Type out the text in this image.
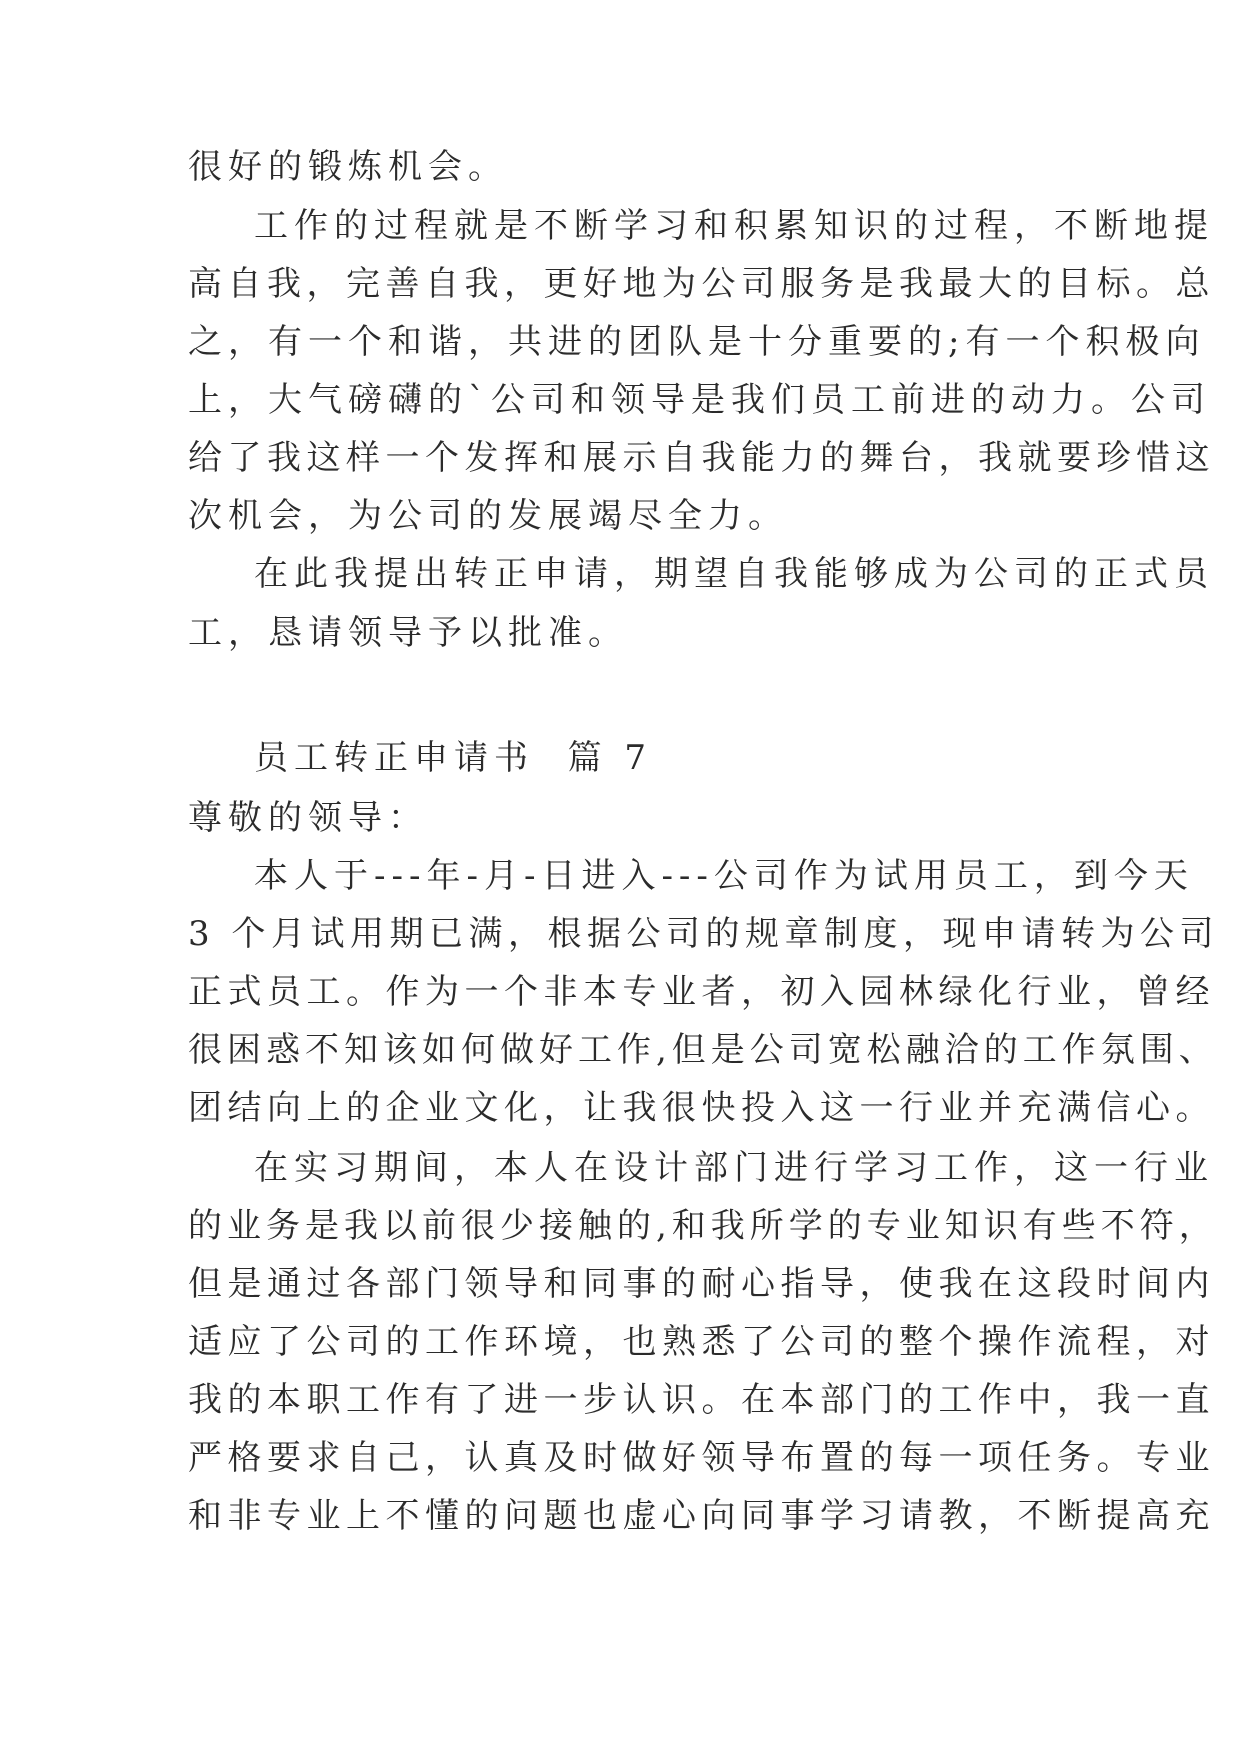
很好的锻炼机会。
工作的过程就是不断学习和积累知识的过程，不断地提
高自我，完善自我，更好地为公司服务是我最大的目标。总
之，有一个和谐，共进的团队是十分重要的;有一个积极向
上，大气磅礴的`公司和领导是我们员工前进的动力。公司
给了我这样一个发挥和展示自我能力的舞台，我就要珍惜这
次机会，为公司的发展竭尽全力。
在此我提出转正申请，期望自我能够成为公司的正式员
工，恳请领导予以批准。
员工转正申请书  篇 7
尊敬的领导：
本人于---年-月-日进入---公司作为试用员工，到今天
3 个月试用期已满，根据公司的规章制度，现申请转为公司
正式员工。作为一个非本专业者，初入园林绿化行业，曾经
很困惑不知该如何做好工作,但是公司宽松融洽的工作氛围、
团结向上的企业文化，让我很快投入这一行业并充满信心。
在实习期间，本人在设计部门进行学习工作，这一行业
的业务是我以前很少接触的,和我所学的专业知识有些不符，
但是通过各部门领导和同事的耐心指导，使我在这段时间内
适应了公司的工作环境，也熟悉了公司的整个操作流程，对
我的本职工作有了进一步认识。在本部门的工作中，我一直
严格要求自己，认真及时做好领导布置的每一项任务。专业
和非专业上不懂的问题也虚心向同事学习请教，不断提高充
